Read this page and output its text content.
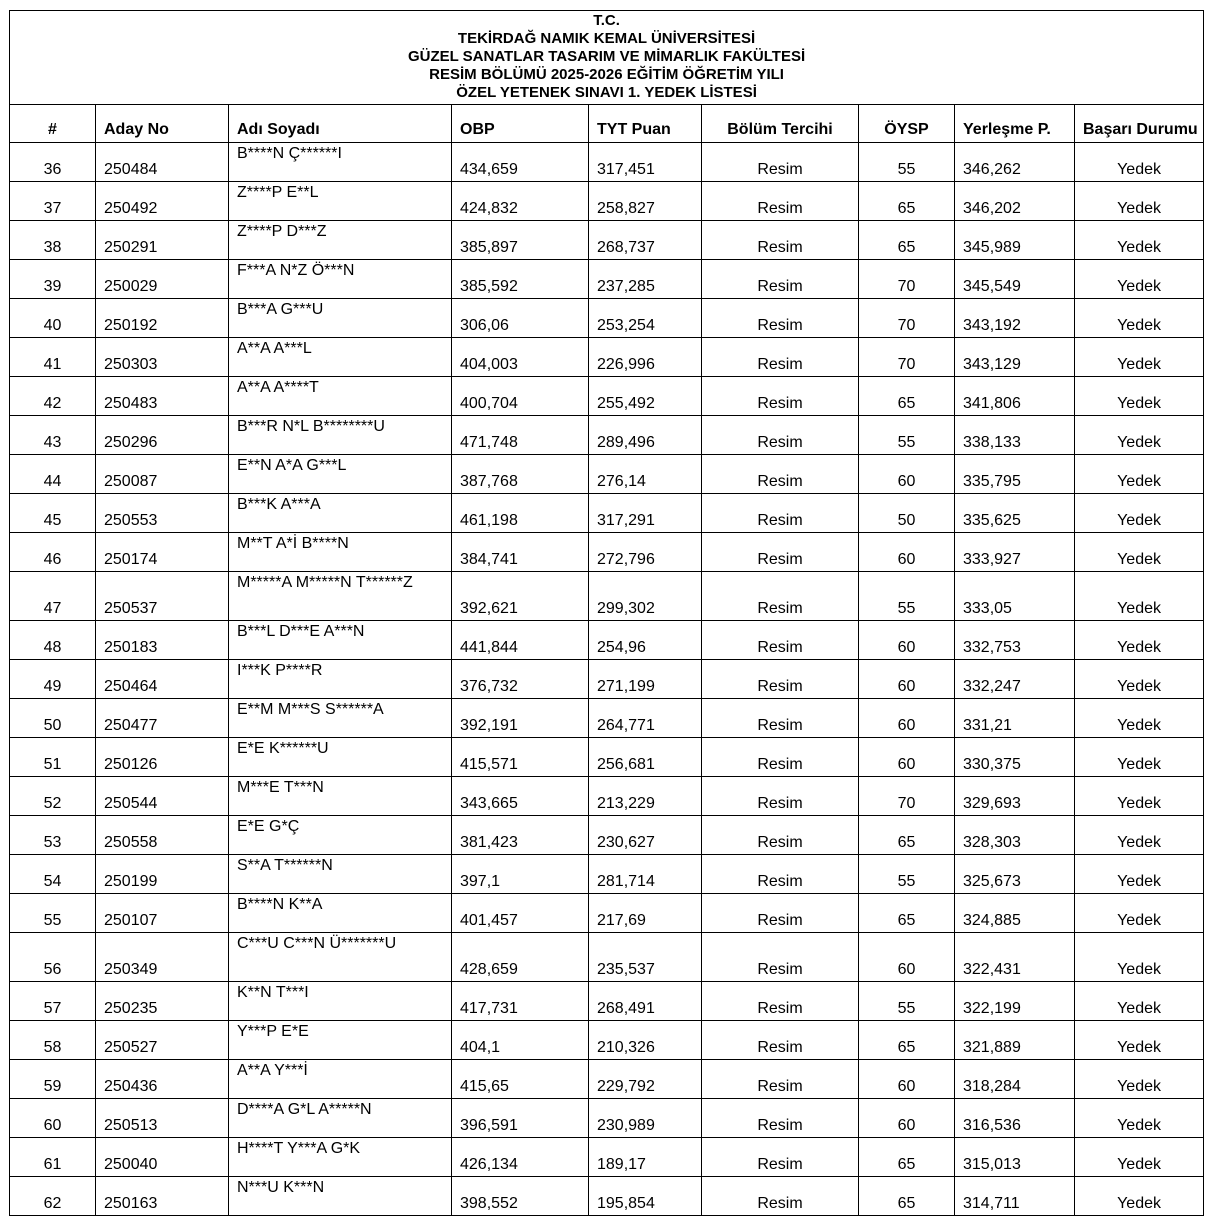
T.C.
TEKİRDAĞ NAMIK KEMAL ÜNİVERSİTESİ
GÜZEL SANATLAR TASARIM VE MİMARLIK FAKÜLTESİ
RESİM BÖLÜMÜ 2025-2026 EĞİTİM ÖĞRETİM YILI
ÖZEL YETENEK SINAVI 1. YEDEK LİSTESİ								

#	Aday No	Adı Soyadı	OBP	TYT Puan	Bölüm Tercihi	ÖYSP	Yerleşme P.	Başarı Durumu
36	250484	B****N Ç******I	434,659	317,451	Resim	55	346,262	Yedek
37	250492	Z****P E**L	424,832	258,827	Resim	65	346,202	Yedek
38	250291	Z****P D***Z	385,897	268,737	Resim	65	345,989	Yedek
39	250029	F***A N*Z Ö***N	385,592	237,285	Resim	70	345,549	Yedek
40	250192	B***A G***U	306,06	253,254	Resim	70	343,192	Yedek
41	250303	A**A A***L	404,003	226,996	Resim	70	343,129	Yedek
42	250483	A**A A****T	400,704	255,492	Resim	65	341,806	Yedek
43	250296	B***R N*L B********U	471,748	289,496	Resim	55	338,133	Yedek
44	250087	E**N A*A G***L	387,768	276,14	Resim	60	335,795	Yedek
45	250553	B***K A***A	461,198	317,291	Resim	50	335,625	Yedek
46	250174	M**T A*İ B****N	384,741	272,796	Resim	60	333,927	Yedek
47	250537	M*****A M*****N T******Z	392,621	299,302	Resim	55	333,05	Yedek
48	250183	B***L D***E A***N	441,844	254,96	Resim	60	332,753	Yedek
49	250464	I***K P****R	376,732	271,199	Resim	60	332,247	Yedek
50	250477	E**M M***S S******A	392,191	264,771	Resim	60	331,21	Yedek
51	250126	E*E K******U	415,571	256,681	Resim	60	330,375	Yedek
52	250544	M***E T***N	343,665	213,229	Resim	70	329,693	Yedek
53	250558	E*E G*Ç	381,423	230,627	Resim	65	328,303	Yedek
54	250199	S**A T******N	397,1	281,714	Resim	55	325,673	Yedek
55	250107	B****N K**A	401,457	217,69	Resim	65	324,885	Yedek
56	250349	C***U C***N Ü*******U	428,659	235,537	Resim	60	322,431	Yedek
57	250235	K**N T***I	417,731	268,491	Resim	55	322,199	Yedek
58	250527	Y***P E*E	404,1	210,326	Resim	65	321,889	Yedek
59	250436	A**A Y***İ	415,65	229,792	Resim	60	318,284	Yedek
60	250513	D****A G*L A*****N	396,591	230,989	Resim	60	316,536	Yedek
61	250040	H****T Y***A G*K	426,134	189,17	Resim	65	315,013	Yedek
62	250163	N***U K***N	398,552	195,854	Resim	65	314,711	Yedek
